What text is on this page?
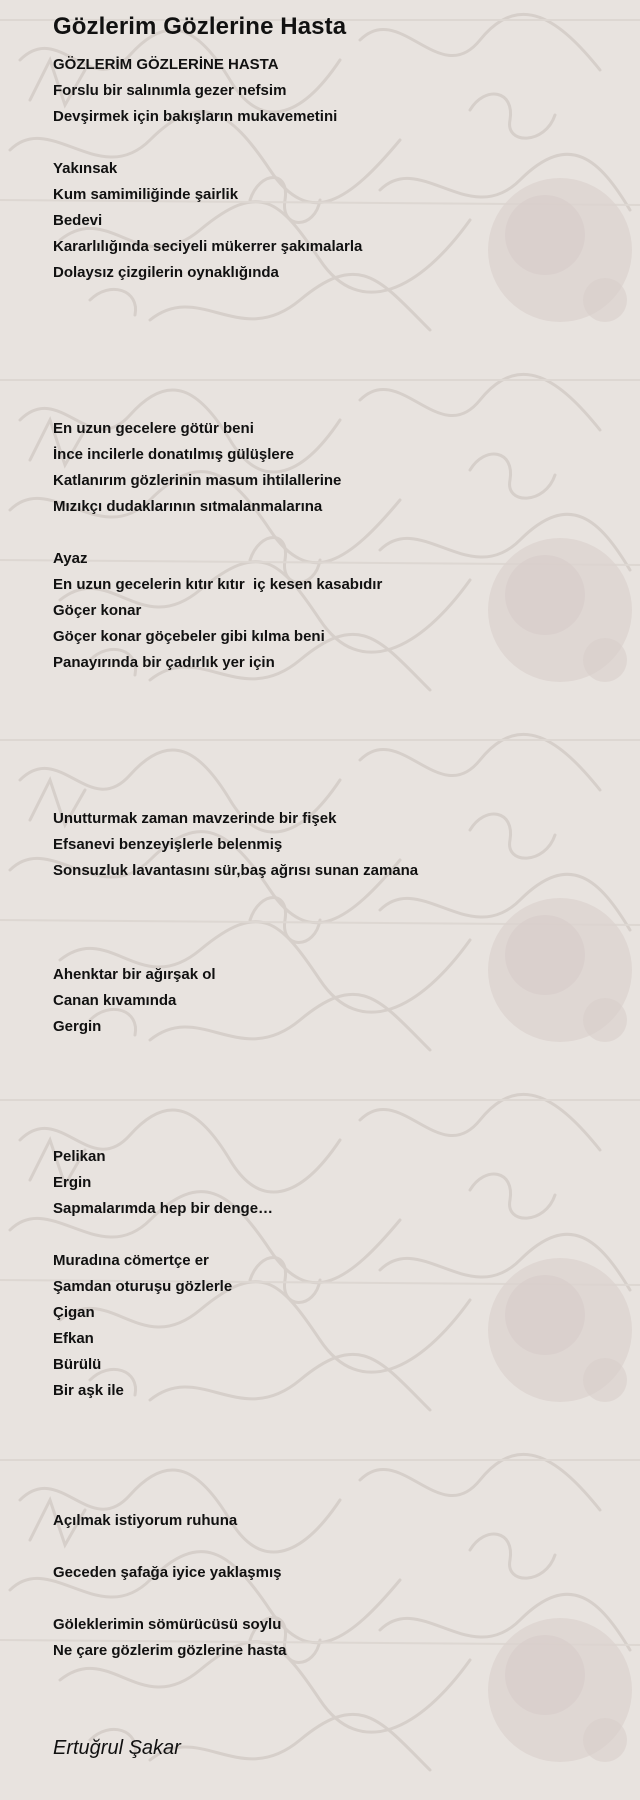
Gözlerim Gözlerine Hasta
GÖZLERİM GÖZLERİNE HASTA
Forslu bir salınımla gezer nefsim
Devşirmek için bakışların mukavemetini
Yakınsak
Kum samimiliğinde şairlik
Bedevi
Kararlılığında seciyeli mükerrer şakımalarla
Dolaysız çizgilerin oynaklığında
En uzun gecelere götür beni
İnce incilerle donatılmış gülüşlere
Katlanırım gözlerinin masum ihtilallerine
Mızıkçı dudaklarının sıtmalanmalarına
Ayaz
En uzun gecelerin kıtır kıtır  iç kesen kasabıdır
Göçer konar
Göçer konar göçebeler gibi kılma beni
Panayırında bir çadırlık yer için
Unutturmak zaman mavzerinde bir fişek
Efsanevi benzeyişlerle belenmiş
Sonsuzluk lavantasını sür,baş ağrısı sunan zamana
Ahenktar bir ağırşak ol
Canan kıvamında
Gergin
Pelikan
Ergin
Sapmalarımda hep bir denge…
Muradına cömertçe er
Şamdan oturuşu gözlerle
Çigan
Efkan
Bürülü
Bir aşk ile
Açılmak istiyorum ruhuna
Geceden şafağa iyice yaklaşmış
Göleklerimin sömürücüsü soylu
Ne çare gözlerim gözlerine hasta
Ertuğrul Şakar
